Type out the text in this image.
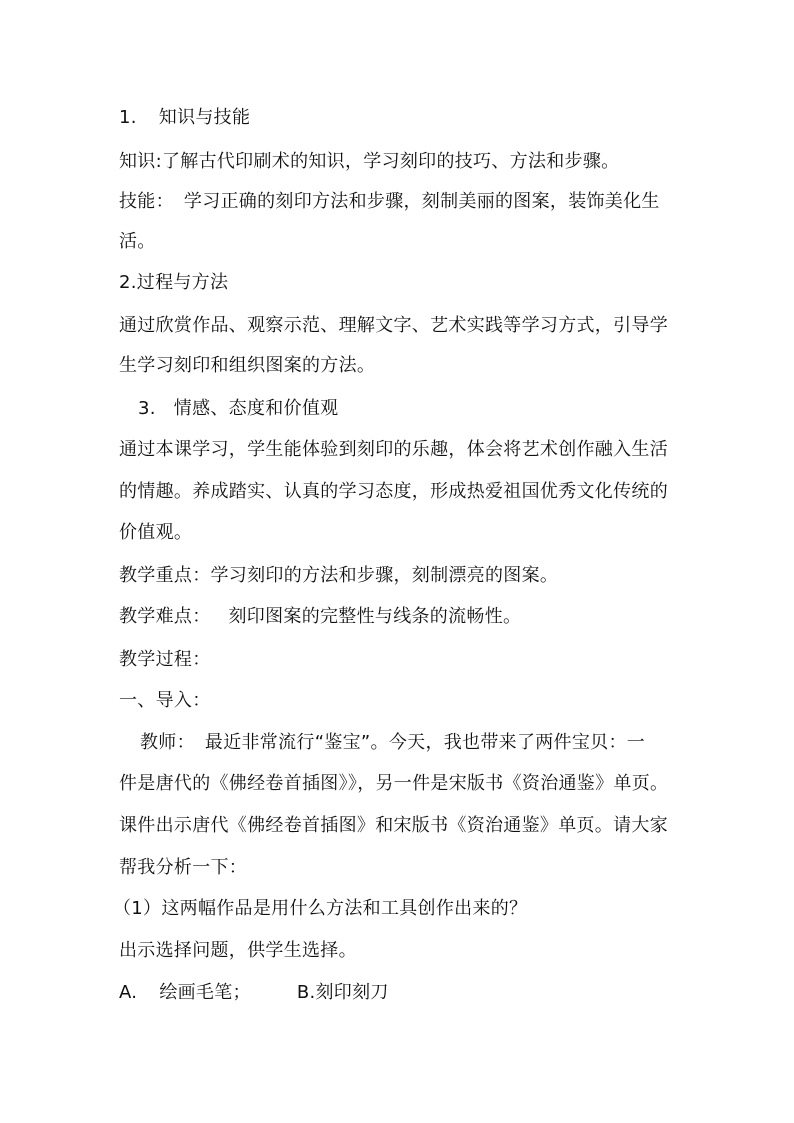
1. 知识与技能
知识:了解古代印刷术的知识，学习刻印的技巧、方法和步骤。
技能： 学习正确的刻印方法和步骤，刻制美丽的图案，装饰美化生
活。
2.过程与方法
通过欣赏作品、观察示范、理解文字、艺术实践等学习方式，引导学
生学习刻印和组织图案的方法。
3. 情感、态度和价值观
通过本课学习，学生能体验到刻印的乐趣，体会将艺术创作融入生活
的情趣。养成踏实、认真的学习态度，形成热爱祖国优秀文化传统的
价值观。
教学重点：学习刻印的方法和步骤，刻制漂亮的图案。
教学难点： 刻印图案的完整性与线条的流畅性。
教学过程：
一、导入：
教师： 最近非常流行“鉴宝”。今天，我也带来了两件宝贝：一
件是唐代的《佛经卷首插图》》，另一件是宋版书《资治通鉴》单页。
课件出示唐代《佛经卷首插图》和宋版书《资治通鉴》单页。请大家
帮我分析一下：
（1）这两幅作品是用什么方法和工具创作出来的？
出示选择问题，供学生选择。
A. 绘画毛笔；	B.刻印刻刀
